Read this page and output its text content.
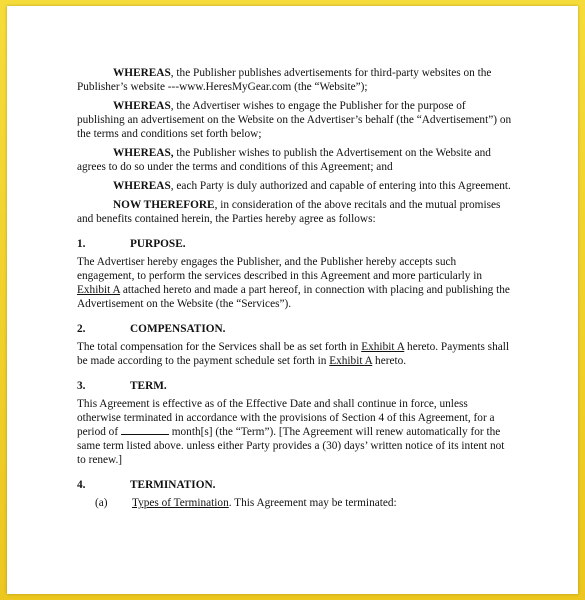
WHEREAS, the Publisher publishes advertisements for third-party websites on the Publisher’s website ---www.HeresMyGear.com (the “Website”);

WHEREAS, the Advertiser wishes to engage the Publisher for the purpose of publishing an advertisement on the Website on the Advertiser’s behalf (the “Advertisement”) on the terms and conditions set forth below;

WHEREAS, the Publisher wishes to publish the Advertisement on the Website and agrees to do so under the terms and conditions of this Agreement; and

WHEREAS, each Party is duly authorized and capable of entering into this Agreement.

NOW THEREFORE, in consideration of the above recitals and the mutual promises and benefits contained herein, the Parties hereby agree as follows:

1.	PURPOSE.

The Advertiser hereby engages the Publisher, and the Publisher hereby accepts such engagement, to perform the services described in this Agreement and more particularly in Exhibit A attached hereto and made a part hereof, in connection with placing and publishing the Advertisement on the Website (the “Services”).

2.	COMPENSATION.

The total compensation for the Services shall be as set forth in Exhibit A hereto. Payments shall be made according to the payment schedule set forth in Exhibit A hereto.

3.	TERM.

This Agreement is effective as of the Effective Date and shall continue in force, unless otherwise terminated in accordance with the provisions of Section 4 of this Agreement, for a period of	month[s] (the “Term”). [The Agreement will renew automatically for the same term listed above. unless either Party provides a (30) days’ written notice of its intent not to renew.]

4.	TERMINATION.

(a) Types of Termination. This Agreement may be terminated:
